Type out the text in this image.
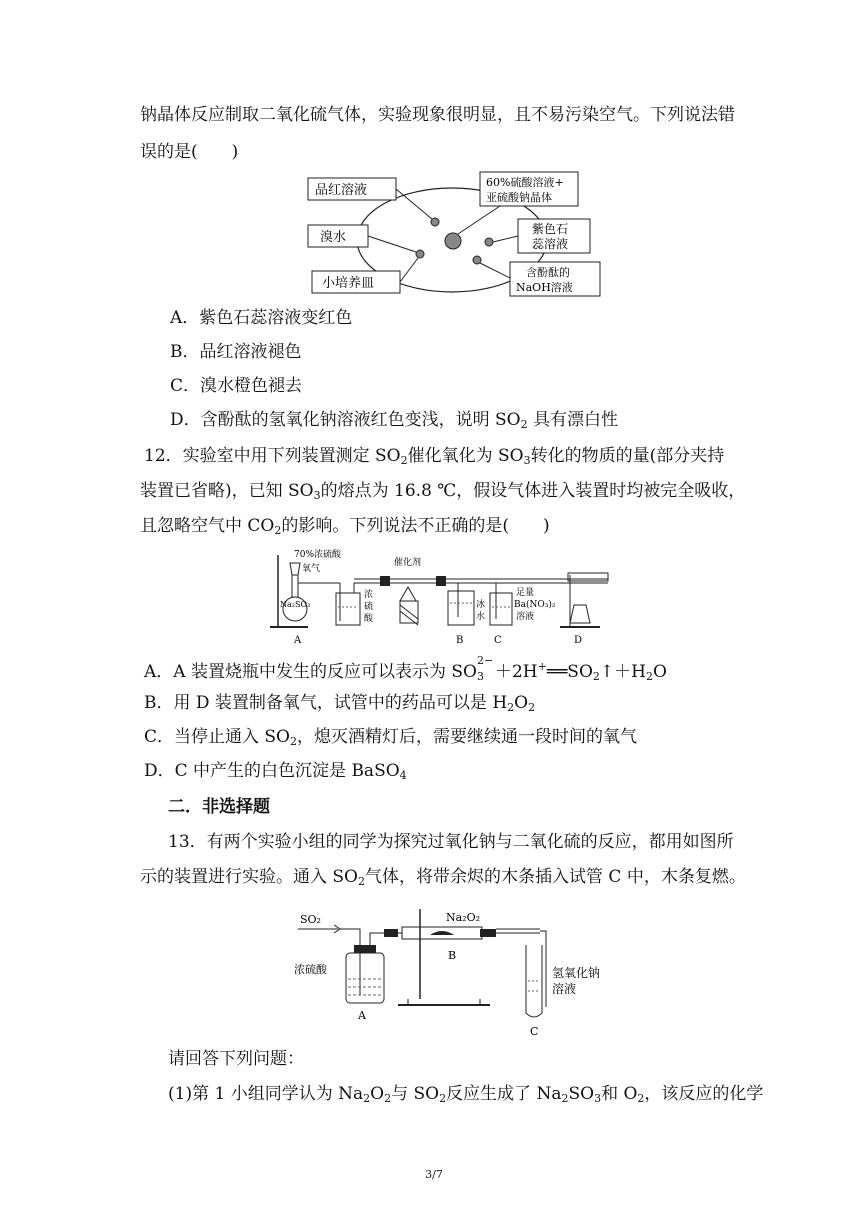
钠晶体反应制取二氧化硫气体，实验现象很明显，且不易污染空气。下列说法错
误的是(　　)
品红溶液
溴水
小培养皿
60%硫酸溶液+
亚硫酸钠晶体
紫色石
蕊溶液
含酚酞的
NaOH溶液
A．紫色石蕊溶液变红色
B．品红溶液褪色
C．溴水橙色褪去
D．含酚酞的氢氧化钠溶液红色变浅，说明 $SO_2$ 具有漂白性
12．实验室中用下列装置测定 $SO_2$催化氧化为 $SO_3$转化的物质的量(部分夹持
装置已省略)，已知 $SO_3$的熔点为 16.8 ℃，假设气体进入装置时均被完全吸收，
且忽略空气中 $CO_2$的影响。下列说法不正确的是(　　)
70%浓硫酸
氧气
催化剂
Na₂SO₃
浓
硫
酸
冰
水
足量
Ba(NO₃)₂
溶液
A	B	C	D
A．A 装置烧瓶中发生的反应可以表示为 SO
2−
$3 +2H^+══SO_2↑+H_2O$
B．用 D 装置制备氧气，试管中的药品可以是 $H_2O_2$
C．当停止通入 $SO_2$，熄灭酒精灯后，需要继续通一段时间的氧气
D．C 中产生的白色沉淀是 BaSO$_4$
二．非选择题
13．有两个实验小组的同学为探究过氧化钠与二氧化硫的反应，都用如图所
示的装置进行实验。通入 $SO_2$气体，将带余烬的木条插入试管 C 中，木条复燃。
SO₂	Na₂O₂
浓硫酸	氢氧化钠
溶液
A
B
C
请回答下列问题：
(1)第 1 小组同学认为 $Na_2O_2$与 $SO_2$反应生成了 $Na_2SO_3$和 $O_2$，该反应的化学
3/7
